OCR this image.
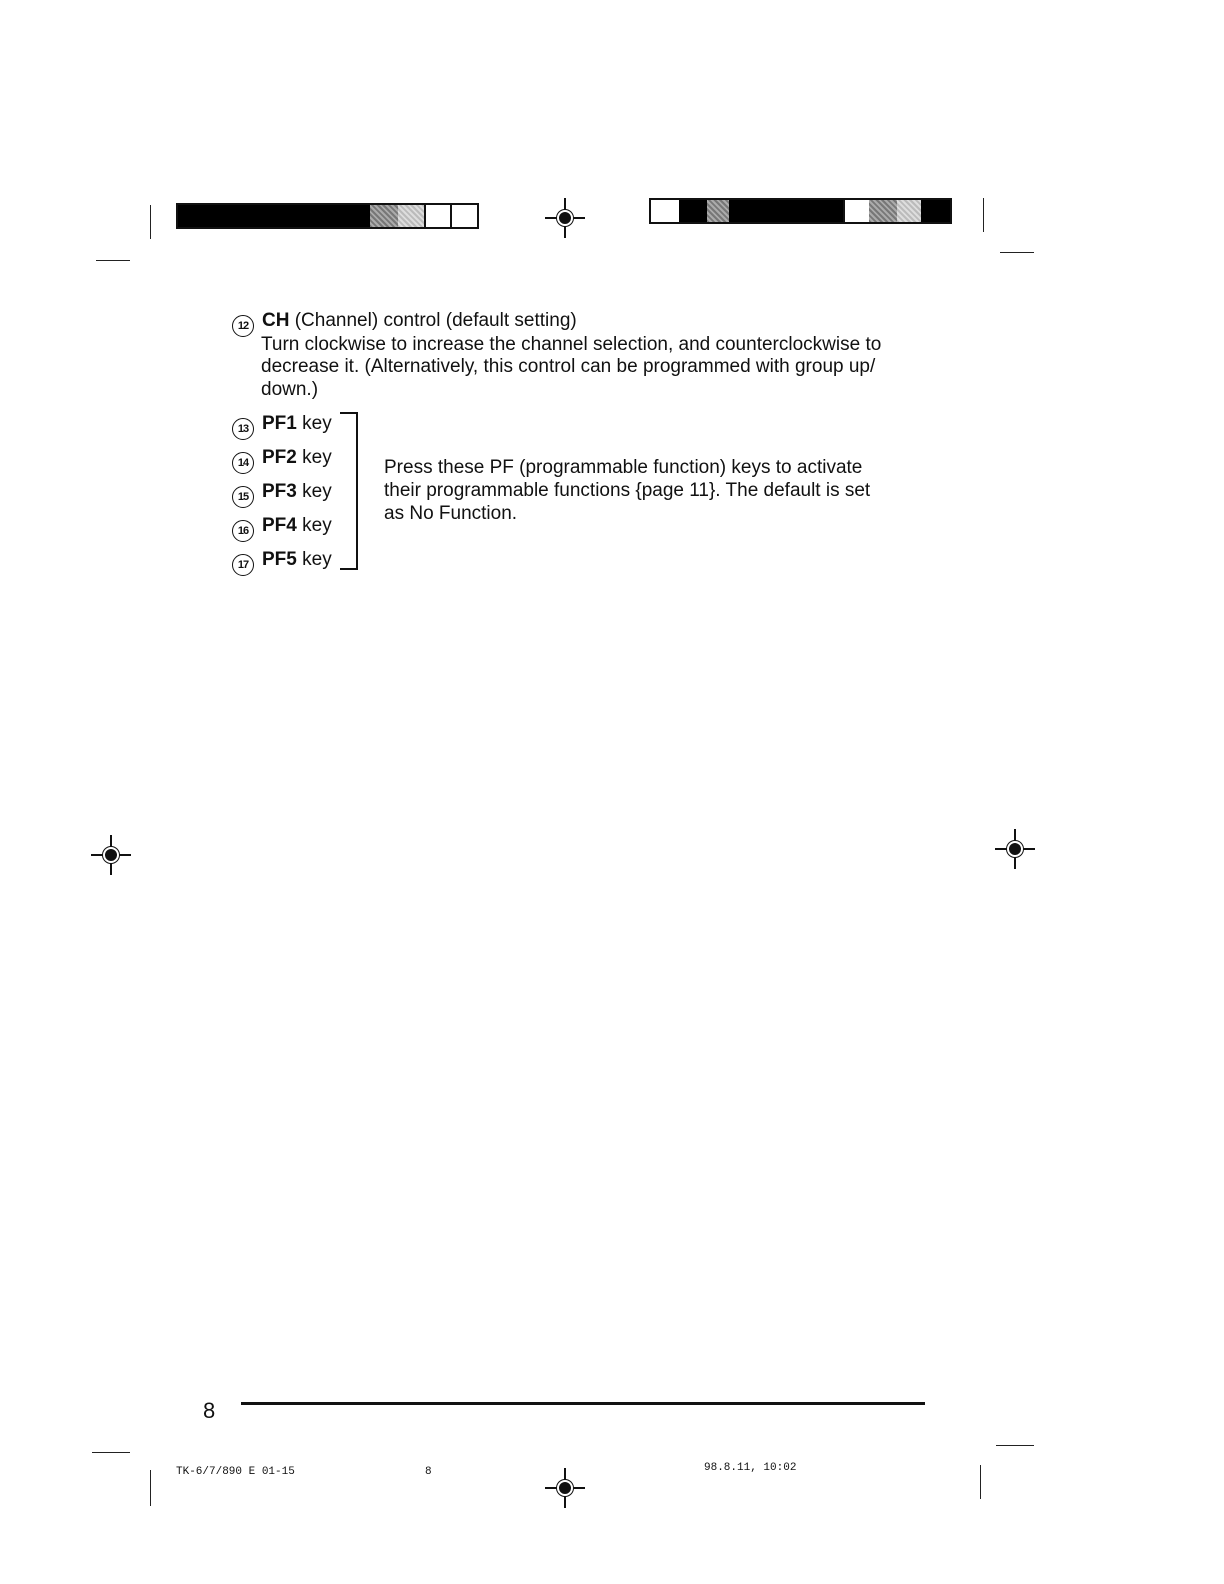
12 CH (Channel) control (default setting)
Turn clockwise to increase the channel selection, and counterclockwise to
decrease it. (Alternatively, this control can be programmed with group up/
down.)
13 PF1 key
14 PF2 key
15 PF3 key
16 PF4 key
17 PF5 key
Press these PF (programmable function) keys to activate
their programmable functions {page 11}. The default is set
as No Function.
8
TK-6/7/890 E 01-15	8	98.8.11, 10:02
